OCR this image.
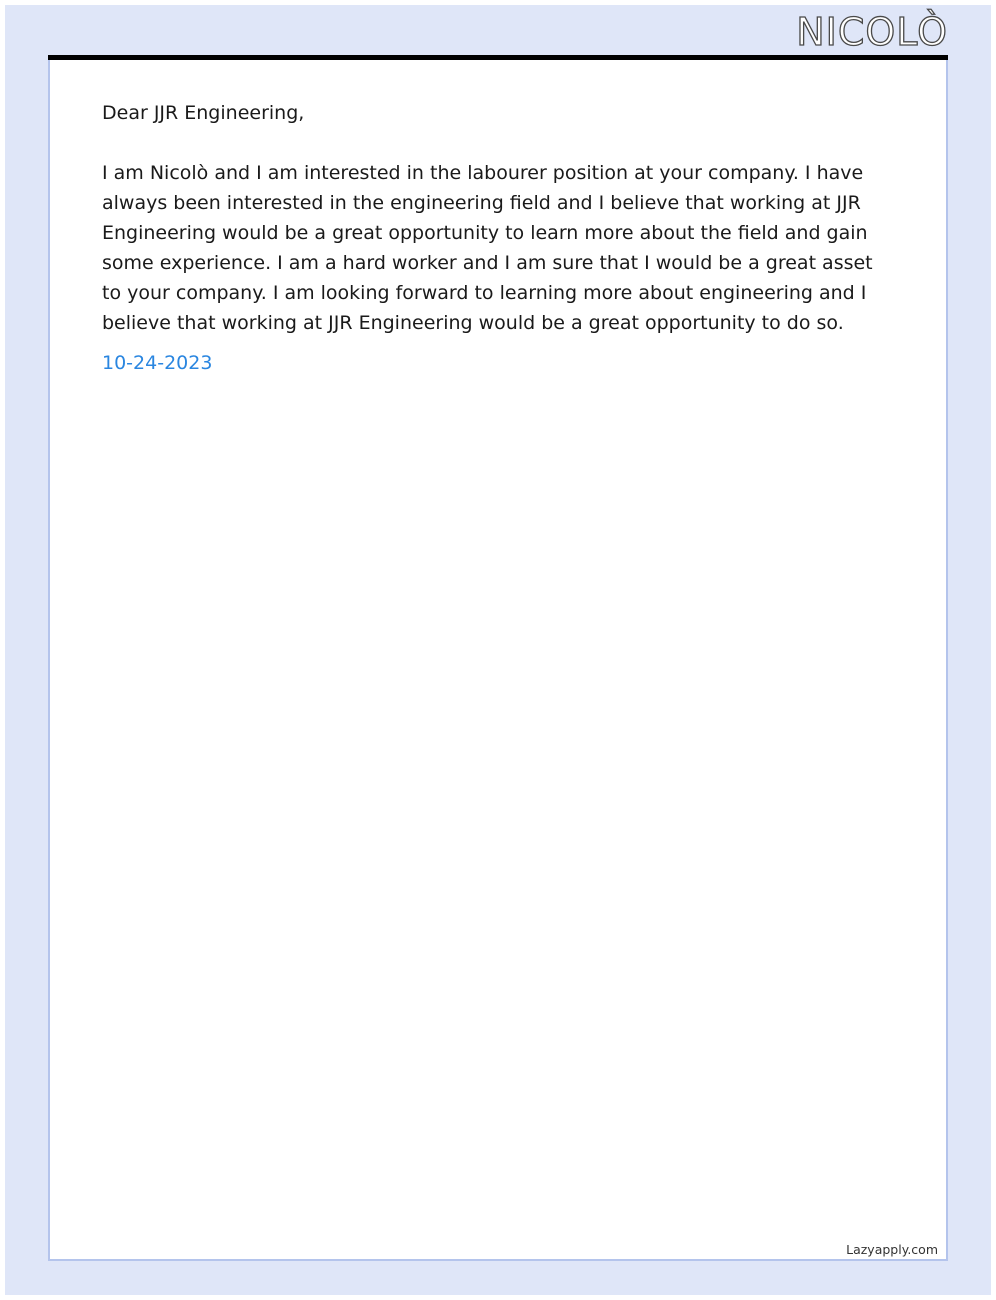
NICOLÒ

Dear JJR Engineering,

I am Nicolò and I am interested in the labourer position at your company. I have always been interested in the engineering field and I believe that working at JJR Engineering would be a great opportunity to learn more about the field and gain some experience. I am a hard worker and I am sure that I would be a great asset to your company. I am looking forward to learning more about engineering and I believe that working at JJR Engineering would be a great opportunity to do so.

10-24-2023

Lazyapply.com
